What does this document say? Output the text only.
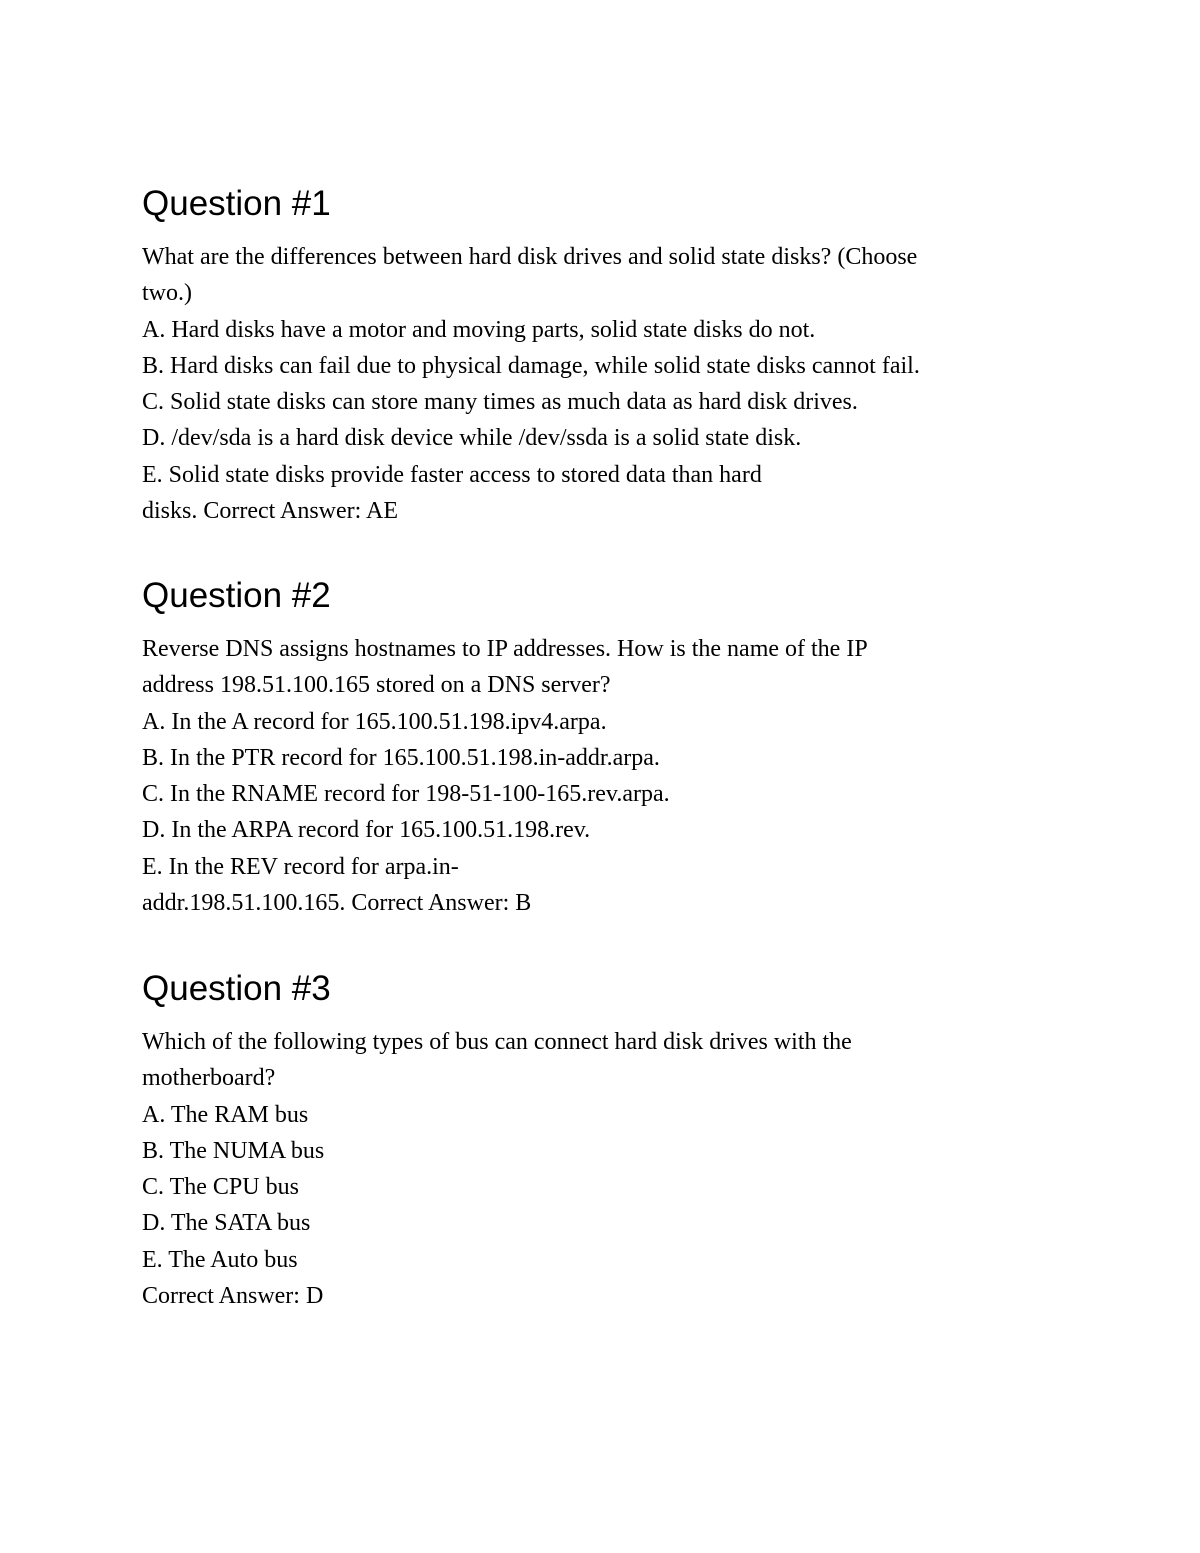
Question #1

What are the differences between hard disk drives and solid state disks? (Choose

two.)

A. Hard disks have a motor and moving parts, solid state disks do not.

B. Hard disks can fail due to physical damage, while solid state disks cannot fail.

C. Solid state disks can store many times as much data as hard disk drives.

D. /dev/sda is a hard disk device while /dev/ssda is a solid state disk.

E. Solid state disks provide faster access to stored data than hard

disks. Correct Answer: AE

Question #2

Reverse DNS assigns hostnames to IP addresses. How is the name of the IP

address 198.51.100.165 stored on a DNS server?

A. In the A record for 165.100.51.198.ipv4.arpa.

B. In the PTR record for 165.100.51.198.in-addr.arpa.

C. In the RNAME record for 198-51-100-165.rev.arpa.

D. In the ARPA record for 165.100.51.198.rev.

E. In the REV record for arpa.in-

addr.198.51.100.165. Correct Answer: B

Question #3

Which of the following types of bus can connect hard disk drives with the

motherboard?

A. The RAM bus

B. The NUMA bus

C. The CPU bus

D. The SATA bus

E. The Auto bus

Correct Answer: D
